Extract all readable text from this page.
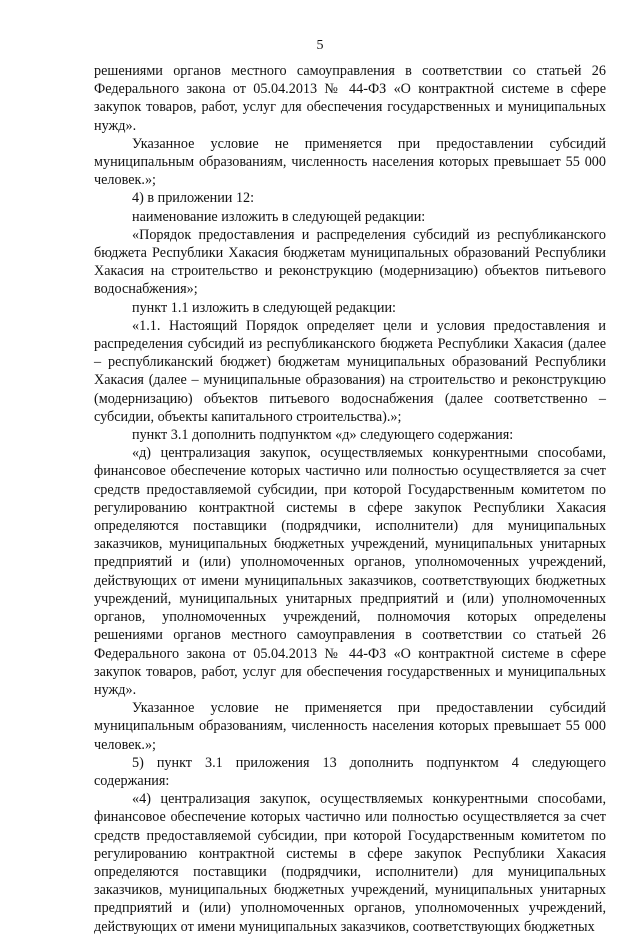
5

решениями органов местного самоуправления в соответствии со статьей 26 Федерального закона от 05.04.2013 № 44-ФЗ «О контрактной системе в сфере закупок товаров, работ, услуг для обеспечения государственных и муниципальных нужд».

Указанное условие не применяется при предоставлении субсидий муниципальным образованиям, численность населения которых превышает 55 000 человек.»;

4) в приложении 12:

наименование изложить в следующей редакции:

«Порядок предоставления и распределения субсидий из республиканского бюджета Республики Хакасия бюджетам муниципальных образований Республики Хакасия на строительство и реконструкцию (модернизацию) объектов питьевого водоснабжения»;

пункт 1.1 изложить в следующей редакции:

«1.1. Настоящий Порядок определяет цели и условия предоставления и распределения субсидий из республиканского бюджета Республики Хакасия (далее – республиканский бюджет) бюджетам муниципальных образований Республики Хакасия (далее – муниципальные образования) на строительство и реконструкцию (модернизацию) объектов питьевого водоснабжения (далее соответственно – субсидии, объекты капитального строительства).»;

пункт 3.1 дополнить подпунктом «д» следующего содержания:

«д) централизация закупок, осуществляемых конкурентными способами, финансовое обеспечение которых частично или полностью осуществляется за счет средств предоставляемой субсидии, при которой Государственным комитетом по регулированию контрактной системы в сфере закупок Республики Хакасия определяются поставщики (подрядчики, исполнители) для муниципальных заказчиков, муниципальных бюджетных учреждений, муниципальных унитарных предприятий и (или) уполномоченных органов, уполномоченных учреждений, действующих от имени муниципальных заказчиков, соответствующих бюджетных учреждений, муниципальных унитарных предприятий и (или) уполномоченных органов, уполномоченных учреждений, полномочия которых определены решениями органов местного самоуправления в соответствии со статьей 26 Федерального закона от 05.04.2013 № 44-ФЗ «О контрактной системе в сфере закупок товаров, работ, услуг для обеспечения государственных и муниципальных нужд».

Указанное условие не применяется при предоставлении субсидий муниципальным образованиям, численность населения которых превышает 55 000 человек.»;

5) пункт 3.1 приложения 13 дополнить подпунктом 4 следующего содержания:

«4) централизация закупок, осуществляемых конкурентными способами, финансовое обеспечение которых частично или полностью осуществляется за счет средств предоставляемой субсидии, при которой Государственным комитетом по регулированию контрактной системы в сфере закупок Республики Хакасия определяются поставщики (подрядчики, исполнители) для муниципальных заказчиков, муниципальных бюджетных учреждений, муниципальных унитарных предприятий и (или) уполномоченных органов, уполномоченных учреждений, действующих от имени муниципальных заказчиков, соответствующих бюджетных
